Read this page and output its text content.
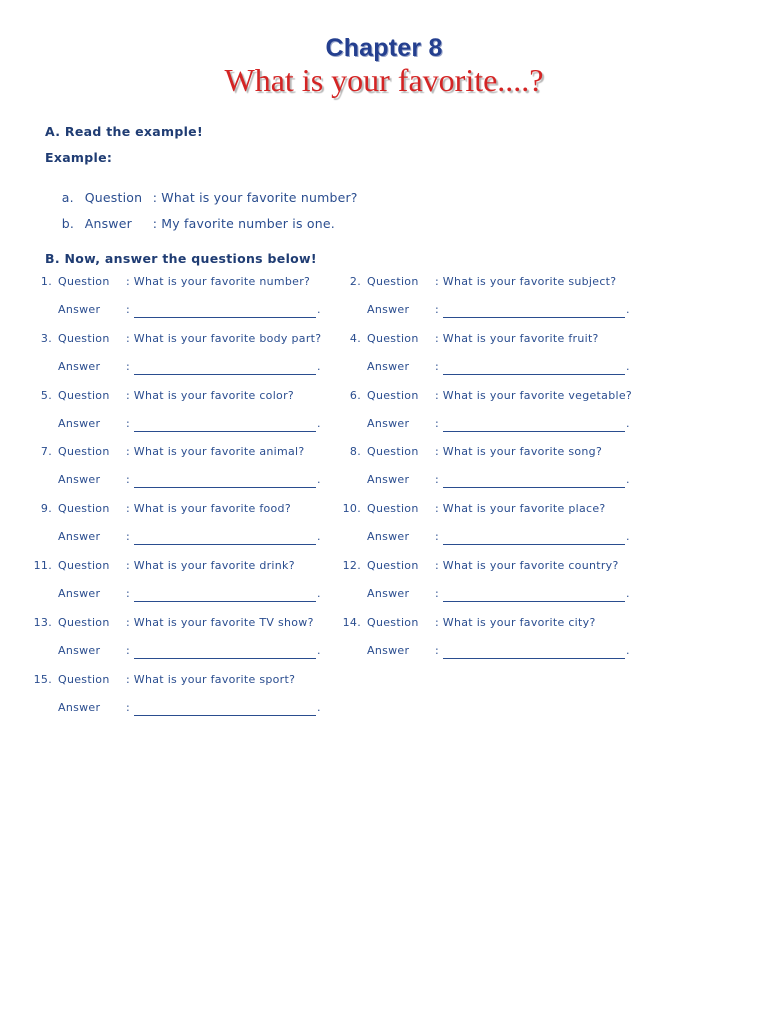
Chapter 8
What is your favorite....?
A. Read the example!
Example:

a. Question : What is your favorite number?

b. Answer : My favorite number is one.

B. Now, answer the questions below!
1. Question : What is your favorite number?
Answer :	.
2. Question : What is your favorite subject?
Answer :	.
3. Question : What is your favorite body part?
Answer :	.
4. Question : What is your favorite fruit?
Answer :	.
5. Question : What is your favorite color?
Answer :	.
6. Question : What is your favorite vegetable?
Answer :	.
7. Question : What is your favorite animal?
Answer :	.
8. Question : What is your favorite song?
Answer :	.
9. Question : What is your favorite food?
Answer :	.
10. Question : What is your favorite place?
Answer :	.
11. Question : What is your favorite drink?
Answer :	.
12. Question : What is your favorite country?
Answer :	.
13. Question : What is your favorite TV show?
Answer :	.
14. Question : What is your favorite city?
Answer :	.
15. Question : What is your favorite sport?
Answer :	.
